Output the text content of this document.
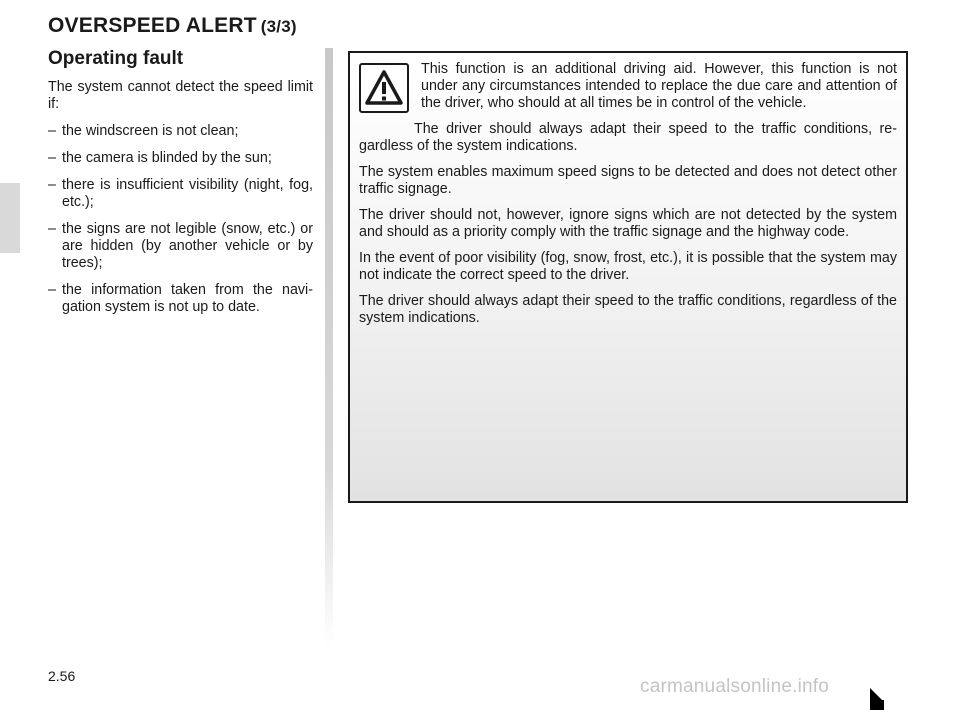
OVERSPEED ALERT (3/3)
Operating fault

The system cannot detect the speed limit if:

– the windscreen is not clean;
– the camera is blinded by the sun;
– there is insufficient visibility (night, fog, etc.);
– the signs are not legible (snow, etc.) or are hidden (by another vehicle or by trees);
– the information taken from the navi-gation system is not up to date.

This function is an additional driving aid. However, this function is not under any circumstances intended to replace the due care and attention of the driver, who should at all times be in control of the vehicle.

The driver should always adapt their speed to the traffic conditions, re-gardless of the system indications.

The system enables maximum speed signs to be detected and does not detect other traffic signage.

The driver should not, however, ignore signs which are not detected by the system and should as a priority comply with the traffic signage and the highway code.

In the event of poor visibility (fog, snow, frost, etc.), it is possible that the system may not indicate the correct speed to the driver.

The driver should always adapt their speed to the traffic conditions, regardless of the system indications.

2.56	carmanualsonline.info
